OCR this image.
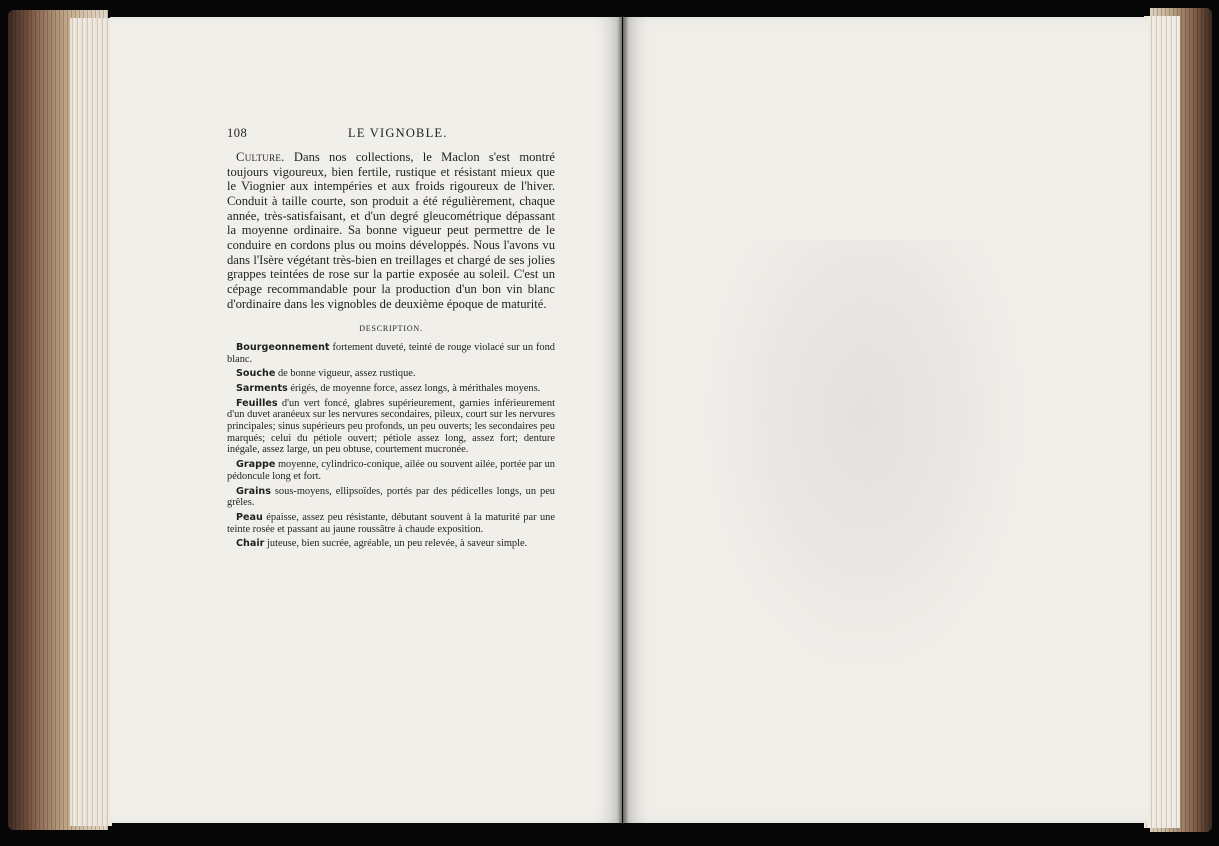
108	LE VIGNOBLE.

Culture. Dans nos collections, le Maclon s'est montré toujours vigoureux, bien fertile, rustique et résistant mieux que le Viognier aux intempéries et aux froids rigoureux de l'hiver. Conduit à taille courte, son produit a été régulièrement, chaque année, très-satisfaisant, et d'un degré gleucométrique dépassant la moyenne ordinaire. Sa bonne vigueur peut permettre de le conduire en cordons plus ou moins développés. Nous l'avons vu dans l'Isère végétant très-bien en treillages et chargé de ses jolies grappes teintées de rose sur la partie exposée au soleil. C'est un cépage recommandable pour la production d'un bon vin blanc d'ordinaire dans les vignobles de deuxième époque de maturité.

DESCRIPTION.

Bourgeonnement fortement duveté, teinté de rouge violacé sur un fond blanc.

Souche de bonne vigueur, assez rustique.

Sarments érigés, de moyenne force, assez longs, à mérithales moyens.

Feuilles d'un vert foncé, glabres supérieurement, garnies inférieurement d'un duvet aranéeux sur les nervures secondaires, pileux, court sur les nervures principales; sinus supérieurs peu profonds, un peu ouverts; les secondaires peu marqués; celui du pétiole ouvert; pétiole assez long, assez fort; denture inégale, assez large, un peu obtuse, courtement mucronée.

Grappe moyenne, cylindrico-conique, ailée ou souvent ailée, portée par un pédoncule long et fort.

Grains sous-moyens, ellipsoïdes, portés par des pédicelles longs, un peu grêles.

Peau épaisse, assez peu résistante, débutant souvent à la maturité par une teinte rosée et passant au jaune roussâtre à chaude exposition.

Chair juteuse, bien sucrée, agréable, un peu relevée, à saveur simple.
